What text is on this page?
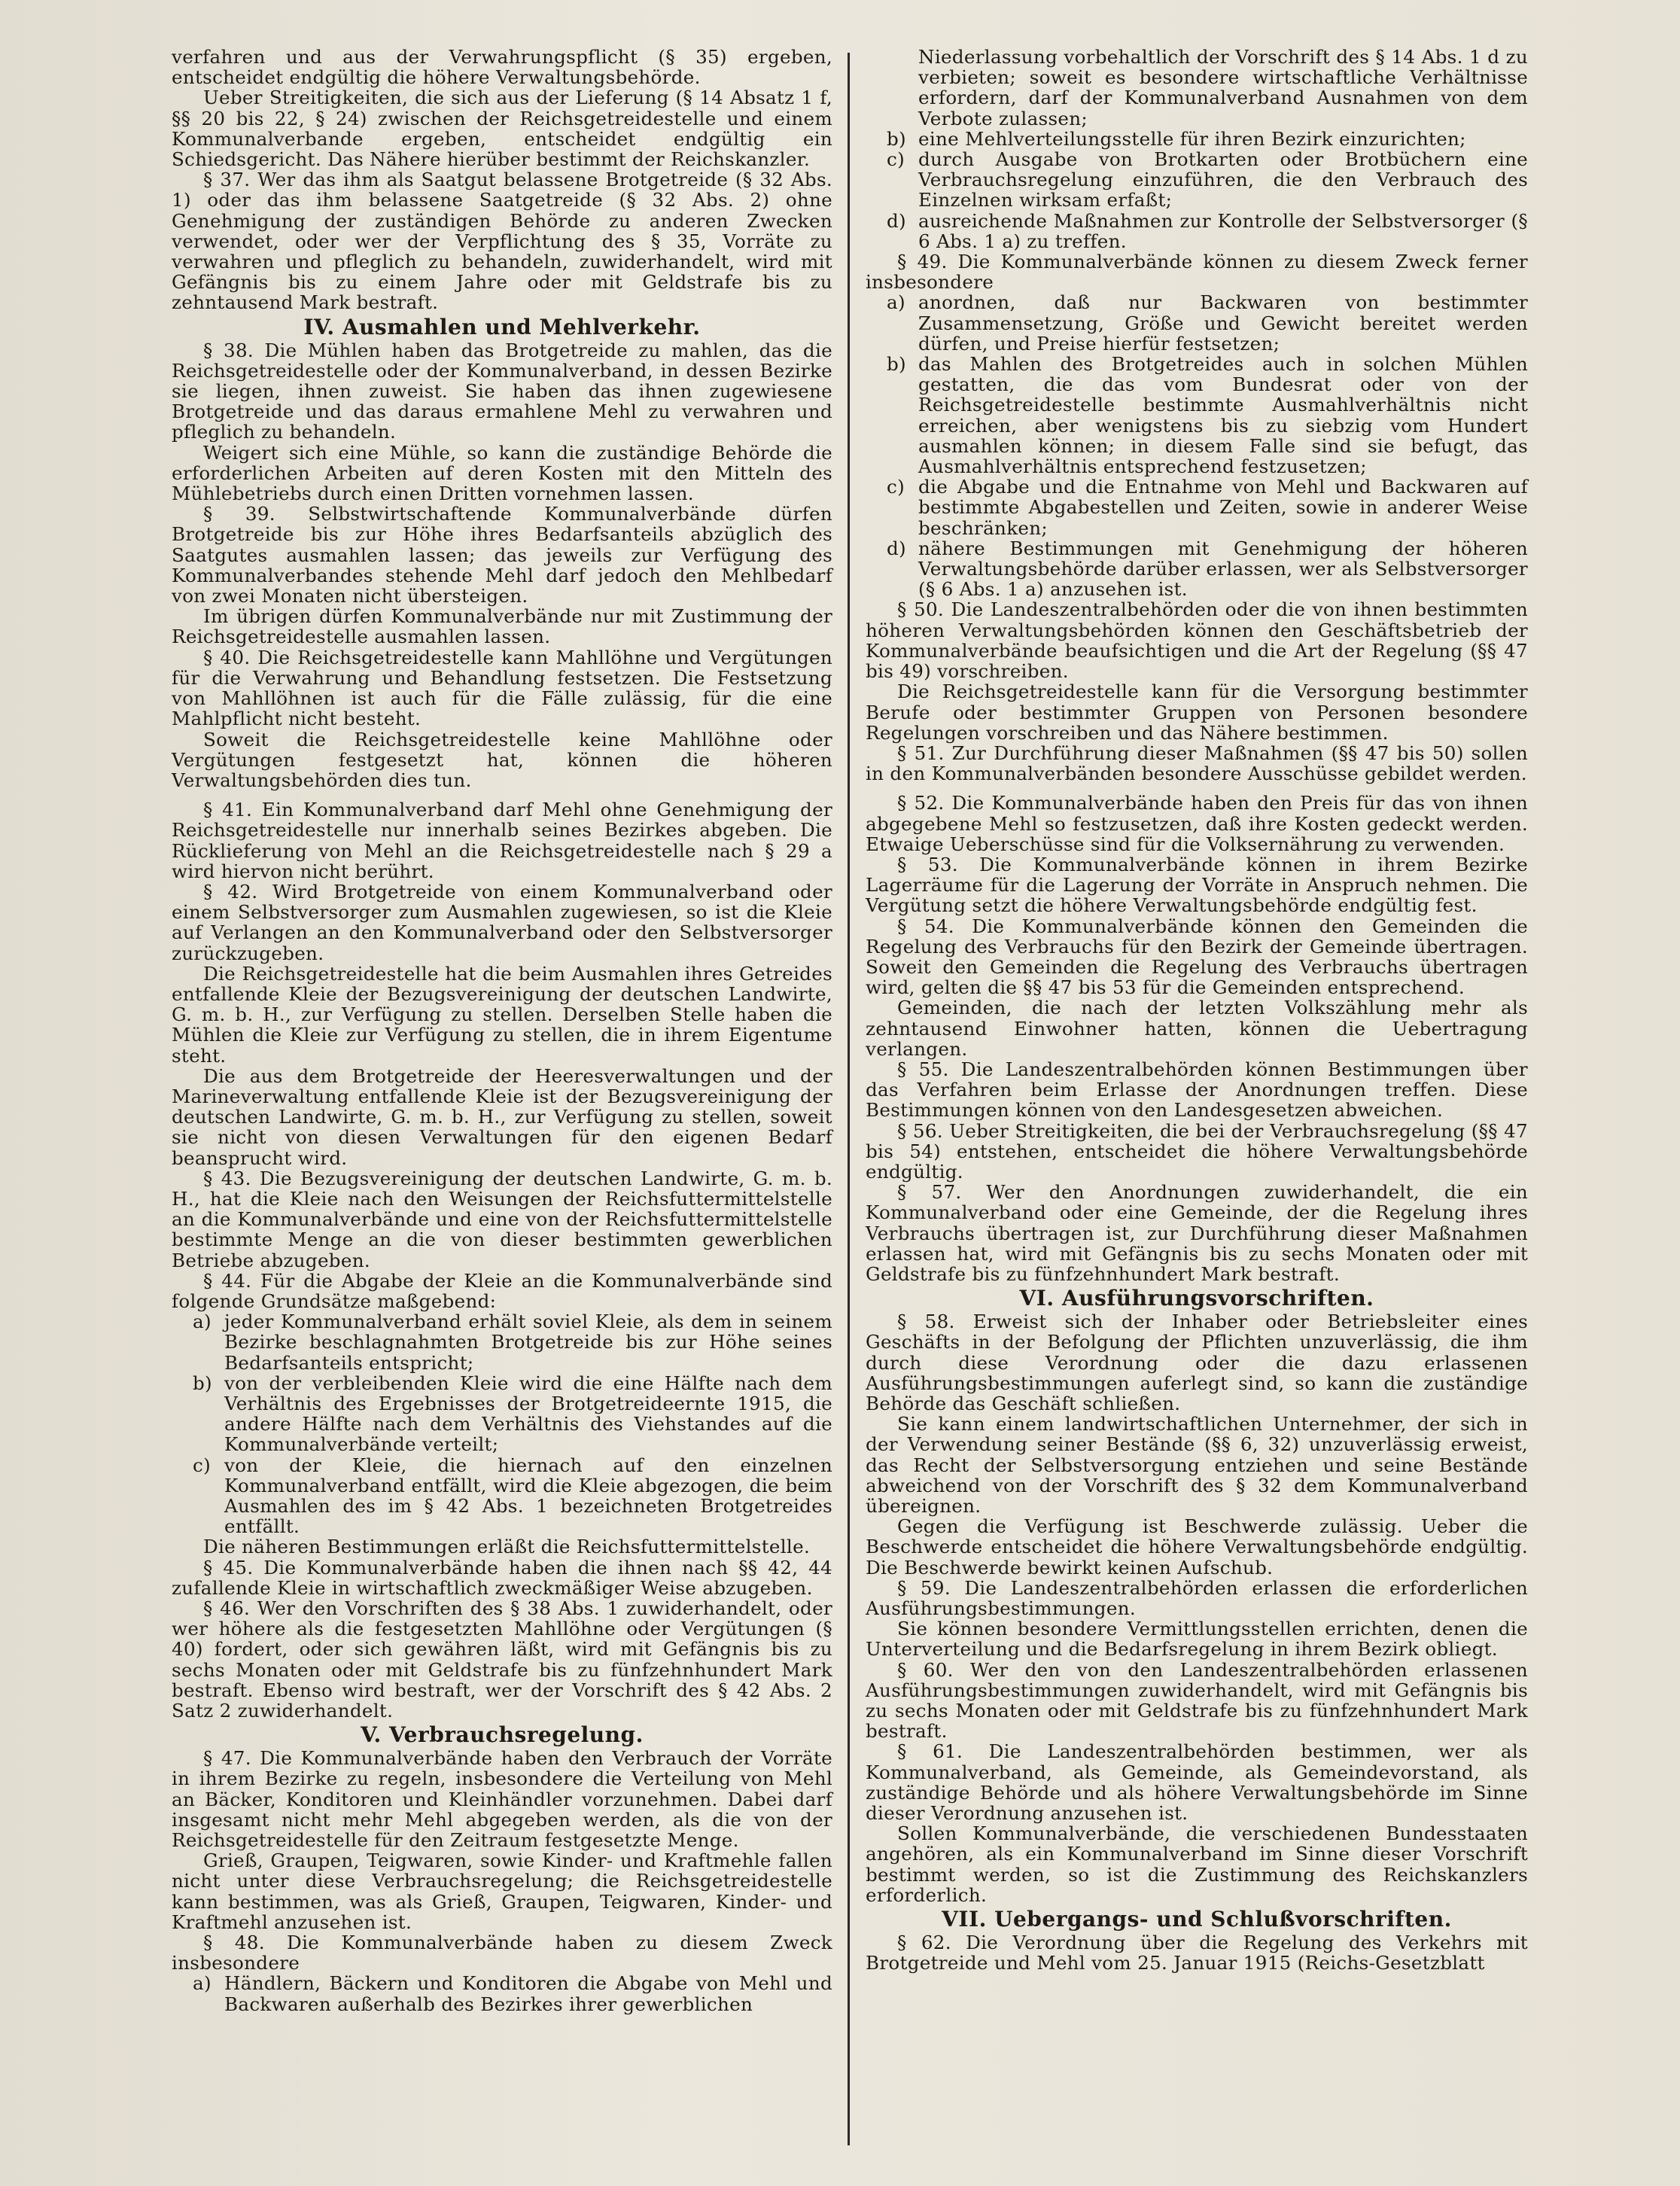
verfahren und aus der Verwahrungspflicht (§ 35) ergeben, entscheidet endgültig die höhere Verwaltungsbehörde.

Ueber Streitigkeiten, die sich aus der Lieferung (§ 14 Absatz 1 f, §§ 20 bis 22, § 24) zwischen der Reichsgetreidestelle und einem Kommunalverbande ergeben, entscheidet endgültig ein Schiedsgericht. Das Nähere hierüber bestimmt der Reichskanzler.

§ 37. Wer das ihm als Saatgut belassene Brotgetreide (§ 32 Abs. 1) oder das ihm belassene Saatgetreide (§ 32 Abs. 2) ohne Genehmigung der zuständigen Behörde zu anderen Zwecken verwendet, oder wer der Verpflichtung des § 35, Vorräte zu verwahren und pfleglich zu behandeln, zuwiderhandelt, wird mit Gefängnis bis zu einem Jahre oder mit Geldstrafe bis zu zehntausend Mark bestraft.

IV. Ausmahlen und Mehlverkehr.

§ 38. Die Mühlen haben das Brotgetreide zu mahlen, das die Reichsgetreidestelle oder der Kommunalverband, in dessen Bezirke sie liegen, ihnen zuweist. Sie haben das ihnen zugewiesene Brotgetreide und das daraus ermahlene Mehl zu verwahren und pfleglich zu behandeln.

Weigert sich eine Mühle, so kann die zuständige Behörde die erforderlichen Arbeiten auf deren Kosten mit den Mitteln des Mühlebetriebs durch einen Dritten vornehmen lassen.

§ 39. Selbstwirtschaftende Kommunalverbände dürfen Brotgetreide bis zur Höhe ihres Bedarfsanteils abzüglich des Saatgutes ausmahlen lassen; das jeweils zur Verfügung des Kommunalverbandes stehende Mehl darf jedoch den Mehlbedarf von zwei Monaten nicht übersteigen.

Im übrigen dürfen Kommunalverbände nur mit Zustimmung der Reichsgetreidestelle ausmahlen lassen.

§ 40. Die Reichsgetreidestelle kann Mahllöhne und Vergütungen für die Verwahrung und Behandlung festsetzen. Die Festsetzung von Mahllöhnen ist auch für die Fälle zulässig, für die eine Mahlpflicht nicht besteht.

Soweit die Reichsgetreidestelle keine Mahllöhne oder Vergütungen festgesetzt hat, können die höheren Verwaltungsbehörden dies tun.

§ 41. Ein Kommunalverband darf Mehl ohne Genehmigung der Reichsgetreidestelle nur innerhalb seines Bezirkes abgeben. Die Rücklieferung von Mehl an die Reichsgetreidestelle nach § 29 a wird hiervon nicht berührt.

§ 42. Wird Brotgetreide von einem Kommunalverband oder einem Selbstversorger zum Ausmahlen zugewiesen, so ist die Kleie auf Verlangen an den Kommunalverband oder den Selbstversorger zurückzugeben.

Die Reichsgetreidestelle hat die beim Ausmahlen ihres Getreides entfallende Kleie der Bezugsvereinigung der deutschen Landwirte, G. m. b. H., zur Verfügung zu stellen. Derselben Stelle haben die Mühlen die Kleie zur Verfügung zu stellen, die in ihrem Eigentume steht.

Die aus dem Brotgetreide der Heeresverwaltungen und der Marineverwaltung entfallende Kleie ist der Bezugsvereinigung der deutschen Landwirte, G. m. b. H., zur Verfügung zu stellen, soweit sie nicht von diesen Verwaltungen für den eigenen Bedarf beansprucht wird.

§ 43. Die Bezugsvereinigung der deutschen Landwirte, G. m. b. H., hat die Kleie nach den Weisungen der Reichsfuttermittelstelle an die Kommunalverbände und eine von der Reichsfuttermittelstelle bestimmte Menge an die von dieser bestimmten gewerblichen Betriebe abzugeben.

§ 44. Für die Abgabe der Kleie an die Kommunalverbände sind folgende Grundsätze maßgebend:

a) jeder Kommunalverband erhält soviel Kleie, als dem in seinem Bezirke beschlagnahmten Brotgetreide bis zur Höhe seines Bedarfsanteils entspricht;
b) von der verbleibenden Kleie wird die eine Hälfte nach dem Verhältnis des Ergebnisses der Brotgetreideernte 1915, die andere Hälfte nach dem Verhältnis des Viehstandes auf die Kommunalverbände verteilt;
c) von der Kleie, die hiernach auf den einzelnen Kommunalverband entfällt, wird die Kleie abgezogen, die beim Ausmahlen des im § 42 Abs. 1 bezeichneten Brotgetreides entfällt.

Die näheren Bestimmungen erläßt die Reichsfuttermittelstelle.

§ 45. Die Kommunalverbände haben die ihnen nach §§ 42, 44 zufallende Kleie in wirtschaftlich zweckmäßiger Weise abzugeben.

§ 46. Wer den Vorschriften des § 38 Abs. 1 zuwiderhandelt, oder wer höhere als die festgesetzten Mahllöhne oder Vergütungen (§ 40) fordert, oder sich gewähren läßt, wird mit Gefängnis bis zu sechs Monaten oder mit Geldstrafe bis zu fünfzehnhundert Mark bestraft. Ebenso wird bestraft, wer der Vorschrift des § 42 Abs. 2 Satz 2 zuwiderhandelt.

V. Verbrauchsregelung.

§ 47. Die Kommunalverbände haben den Verbrauch der Vorräte in ihrem Bezirke zu regeln, insbesondere die Verteilung von Mehl an Bäcker, Konditoren und Kleinhändler vorzunehmen. Dabei darf insgesamt nicht mehr Mehl abgegeben werden, als die von der Reichsgetreidestelle für den Zeitraum festgesetzte Menge.

Grieß, Graupen, Teigwaren, sowie Kinder- und Kraftmehle fallen nicht unter diese Verbrauchsregelung; die Reichsgetreidestelle kann bestimmen, was als Grieß, Graupen, Teigwaren, Kinder- und Kraftmehl anzusehen ist.

§ 48. Die Kommunalverbände haben zu diesem Zweck insbesondere

a) Händlern, Bäckern und Konditoren die Abgabe von Mehl und Backwaren außerhalb des Bezirkes ihrer gewerblichen
Niederlassung vorbehaltlich der Vorschrift des § 14 Abs. 1 d zu verbieten; soweit es besondere wirtschaftliche Verhältnisse erfordern, darf der Kommunalverband Ausnahmen von dem Verbote zulassen;
b) eine Mehlverteilungsstelle für ihren Bezirk einzurichten;
c) durch Ausgabe von Brotkarten oder Brotbüchern eine Verbrauchsregelung einzuführen, die den Verbrauch des Einzelnen wirksam erfaßt;
d) ausreichende Maßnahmen zur Kontrolle der Selbstversorger (§ 6 Abs. 1 a) zu treffen.

§ 49. Die Kommunalverbände können zu diesem Zweck ferner insbesondere

a) anordnen, daß nur Backwaren von bestimmter Zusammensetzung, Größe und Gewicht bereitet werden dürfen, und Preise hierfür festsetzen;
b) das Mahlen des Brotgetreides auch in solchen Mühlen gestatten, die das vom Bundesrat oder von der Reichsgetreidestelle bestimmte Ausmahlverhältnis nicht erreichen, aber wenigstens bis zu siebzig vom Hundert ausmahlen können; in diesem Falle sind sie befugt, das Ausmahlverhältnis entsprechend festzusetzen;
c) die Abgabe und die Entnahme von Mehl und Backwaren auf bestimmte Abgabestellen und Zeiten, sowie in anderer Weise beschränken;
d) nähere Bestimmungen mit Genehmigung der höheren Verwaltungsbehörde darüber erlassen, wer als Selbstversorger (§ 6 Abs. 1 a) anzusehen ist.

§ 50. Die Landeszentralbehörden oder die von ihnen bestimmten höheren Verwaltungsbehörden können den Geschäftsbetrieb der Kommunalverbände beaufsichtigen und die Art der Regelung (§§ 47 bis 49) vorschreiben.

Die Reichsgetreidestelle kann für die Versorgung bestimmter Berufe oder bestimmter Gruppen von Personen besondere Regelungen vorschreiben und das Nähere bestimmen.

§ 51. Zur Durchführung dieser Maßnahmen (§§ 47 bis 50) sollen in den Kommunalverbänden besondere Ausschüsse gebildet werden.

§ 52. Die Kommunalverbände haben den Preis für das von ihnen abgegebene Mehl so festzusetzen, daß ihre Kosten gedeckt werden. Etwaige Ueberschüsse sind für die Volksernährung zu verwenden.

§ 53. Die Kommunalverbände können in ihrem Bezirke Lagerräume für die Lagerung der Vorräte in Anspruch nehmen. Die Vergütung setzt die höhere Verwaltungsbehörde endgültig fest.

§ 54. Die Kommunalverbände können den Gemeinden die Regelung des Verbrauchs für den Bezirk der Gemeinde übertragen. Soweit den Gemeinden die Regelung des Verbrauchs übertragen wird, gelten die §§ 47 bis 53 für die Gemeinden entsprechend.

Gemeinden, die nach der letzten Volkszählung mehr als zehntausend Einwohner hatten, können die Uebertragung verlangen.

§ 55. Die Landeszentralbehörden können Bestimmungen über das Verfahren beim Erlasse der Anordnungen treffen. Diese Bestimmungen können von den Landesgesetzen abweichen.

§ 56. Ueber Streitigkeiten, die bei der Verbrauchsregelung (§§ 47 bis 54) entstehen, entscheidet die höhere Verwaltungsbehörde endgültig.

§ 57. Wer den Anordnungen zuwiderhandelt, die ein Kommunalverband oder eine Gemeinde, der die Regelung ihres Verbrauchs übertragen ist, zur Durchführung dieser Maßnahmen erlassen hat, wird mit Gefängnis bis zu sechs Monaten oder mit Geldstrafe bis zu fünfzehnhundert Mark bestraft.

VI. Ausführungsvorschriften.

§ 58. Erweist sich der Inhaber oder Betriebsleiter eines Geschäfts in der Befolgung der Pflichten unzuverlässig, die ihm durch diese Verordnung oder die dazu erlassenen Ausführungsbestimmungen auferlegt sind, so kann die zuständige Behörde das Geschäft schließen.

Sie kann einem landwirtschaftlichen Unternehmer, der sich in der Verwendung seiner Bestände (§§ 6, 32) unzuverlässig erweist, das Recht der Selbstversorgung entziehen und seine Bestände abweichend von der Vorschrift des § 32 dem Kommunalverband übereignen.

Gegen die Verfügung ist Beschwerde zulässig. Ueber die Beschwerde entscheidet die höhere Verwaltungsbehörde endgültig. Die Beschwerde bewirkt keinen Aufschub.

§ 59. Die Landeszentralbehörden erlassen die erforderlichen Ausführungsbestimmungen.

Sie können besondere Vermittlungsstellen errichten, denen die Unterverteilung und die Bedarfsregelung in ihrem Bezirk obliegt.

§ 60. Wer den von den Landeszentralbehörden erlassenen Ausführungsbestimmungen zuwiderhandelt, wird mit Gefängnis bis zu sechs Monaten oder mit Geldstrafe bis zu fünfzehnhundert Mark bestraft.

§ 61. Die Landeszentralbehörden bestimmen, wer als Kommunalverband, als Gemeinde, als Gemeindevorstand, als zuständige Behörde und als höhere Verwaltungsbehörde im Sinne dieser Verordnung anzusehen ist.

Sollen Kommunalverbände, die verschiedenen Bundesstaaten angehören, als ein Kommunalverband im Sinne dieser Vorschrift bestimmt werden, so ist die Zustimmung des Reichskanzlers erforderlich.

VII. Uebergangs- und Schlußvorschriften.

§ 62. Die Verordnung über die Regelung des Verkehrs mit Brotgetreide und Mehl vom 25. Januar 1915 (Reichs-Gesetzblatt
